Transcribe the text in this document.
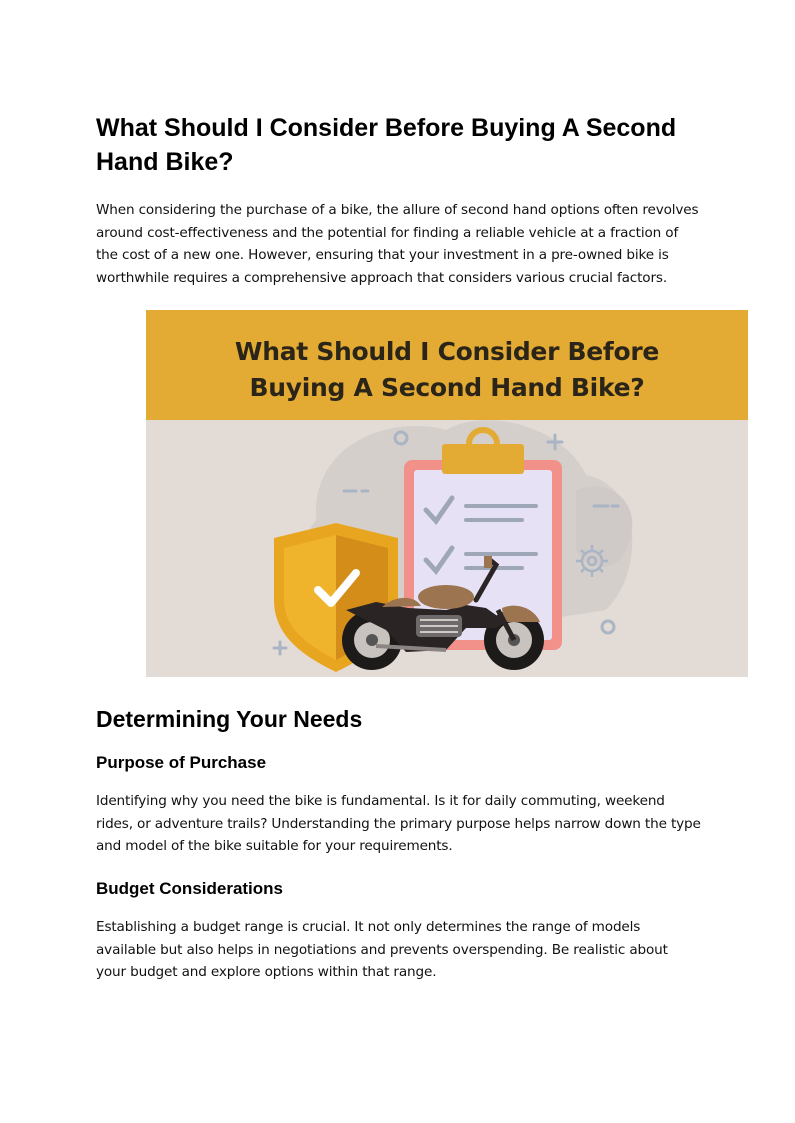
What Should I Consider Before Buying A Second Hand Bike?

When considering the purchase of a bike, the allure of second hand options often revolves around cost-effectiveness and the potential for finding a reliable vehicle at a fraction of the cost of a new one. However, ensuring that your investment in a pre-owned bike is worthwhile requires a comprehensive approach that considers various crucial factors.

What Should I Consider Before
Buying A Second Hand Bike?
Determining Your Needs
Purpose of Purchase

Identifying why you need the bike is fundamental. Is it for daily commuting, weekend rides, or adventure trails? Understanding the primary purpose helps narrow down the type and model of the bike suitable for your requirements.

Budget Considerations

Establishing a budget range is crucial. It not only determines the range of models available but also helps in negotiations and prevents overspending. Be realistic about your budget and explore options within that range.
